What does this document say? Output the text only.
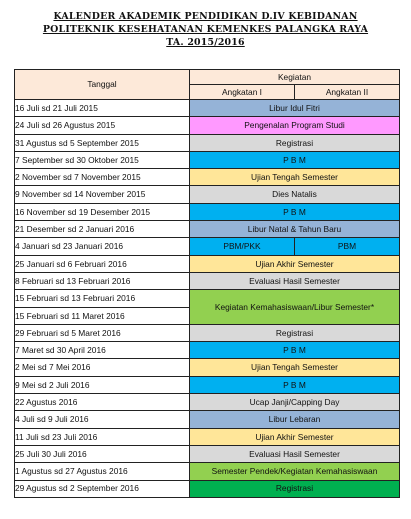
KALENDER AKADEMIK PENDIDIKAN D.IV KEBIDANAN
POLITEKNIK KESEHATANAN KEMENKES PALANGKA RAYA
TA. 2015/2016
Tanggal	Kegiatan	
	Angkatan I	Angkatan II
16 Juli sd 21 Juli 2015	Libur Idul Fitri	
24 Juli sd 26 Agustus 2015	Pengenalan Program Studi	
31 Agustus sd 5 September 2015	Registrasi	
7 September sd 30 Oktober 2015	P B M	
2 November sd 7 November 2015	Ujian Tengah Semester	
9 November sd 14 November 2015	Dies Natalis	
16 November sd 19 Desember 2015	P B M	
21 Desember sd 2 Januari 2016	Libur Natal & Tahun Baru	
4 Januari sd 23 Januari 2016	PBM/PKK	PBM
25 Januari sd 6 Februari 2016	Ujian Akhir Semester	
8 Februari sd 13 Februari 2016	Evaluasi Hasil Semester	
15 Februari sd 13 Februari 2016	Kegiatan Kemahasiswaan/Libur Semester*	
15 Februari sd 11 Maret 2016		
29 Februari sd 5 Maret 2016	Registrasi	
7 Maret sd 30 April 2016	P B M	
2 Mei sd 7 Mei 2016	Ujian Tengah Semester	
9 Mei sd 2 Juli 2016	P B M	
22 Agustus 2016	Ucap Janji/Capping Day	
4 Juli sd 9 Juli 2016	Libur Lebaran	
11 Juli sd 23 Juli 2016	Ujian Akhir Semester	
25 Juli 30 Juli 2016	Evaluasi Hasil Semester	
1 Agustus sd 27 Agustus 2016	Semester Pendek/Kegiatan Kemahasiswaan	
29 Agustus sd 2 September 2016	Registrasi	
